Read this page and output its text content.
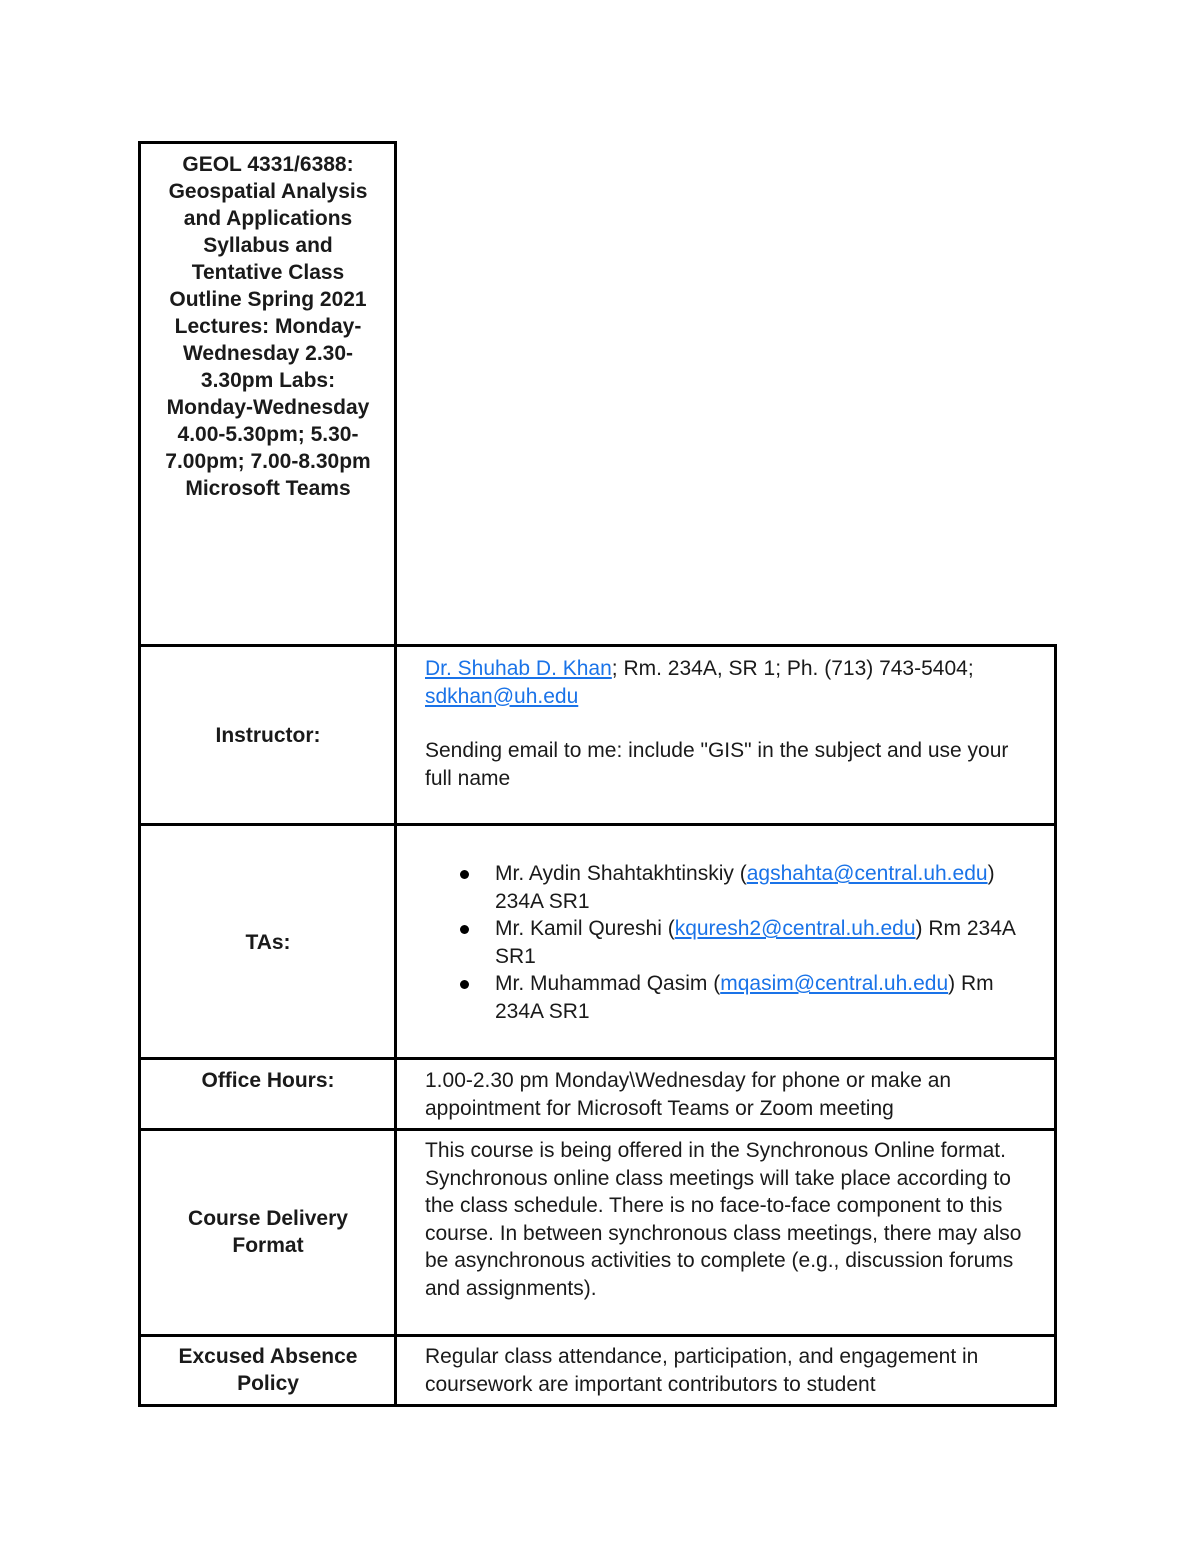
GEOL 4331/6388: Geospatial Analysis and Applications Syllabus and Tentative Class Outline Spring 2021 Lectures: Monday-Wednesday 2.30-3.30pm Labs: Monday-Wednesday 4.00-5.30pm; 5.30-7.00pm; 7.00-8.30pm Microsoft Teams
Instructor:

Dr. Shuhab D. Khan; Rm. 234A, SR 1; Ph. (713) 743-5404; sdkhan@uh.edu

Sending email to me: include "GIS" in the subject and use your full name

TAs:
Mr. Aydin Shahtakhtinskiy (agshahta@central.uh.edu) 234A SR1
Mr. Kamil Qureshi (kquresh2@central.uh.edu) Rm 234A SR1
Mr. Muhammad Qasim (mqasim@central.uh.edu) Rm 234A SR1
Office Hours:	1.00-2.30 pm Monday\Wednesday for phone or make an appointment for Microsoft Teams or Zoom meeting

Course Delivery Format

This course is being offered in the Synchronous Online format. Synchronous online class meetings will take place according to the class schedule. There is no face-to-face component to this course. In between synchronous class meetings, there may also be asynchronous activities to complete (e.g., discussion forums and assignments).

Excused Absence Policy

Regular class attendance, participation, and engagement in coursework are important contributors to student
